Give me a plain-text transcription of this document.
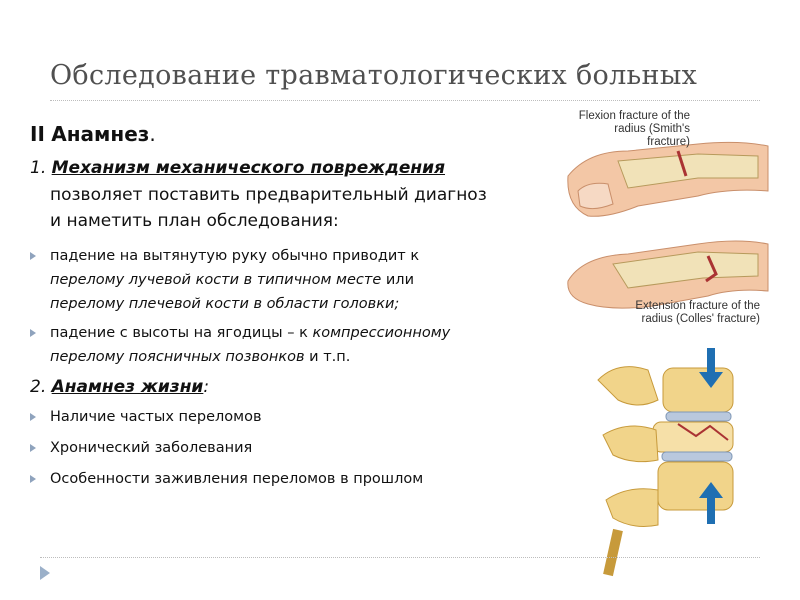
Обследование травматологических больных
II Анамнез.
1. Механизм механического повреждения
позволяет поставить предварительный диагноз
и наметить план обследования:
падение на вытянутую руку обычно приводит к
перелому лучевой кости в типичном месте или
перелому плечевой кости в области головки;
падение с высоты на ягодицы – к компрессионному
перелому поясничных позвонков и т.п.
2. Анамнез жизни:
Наличие частых переломов
Хронический заболевания
Особенности заживления переломов в прошлом
Flexion fracture of the
radius (Smith's fracture)
Extension fracture of the
radius (Colles' fracture)
